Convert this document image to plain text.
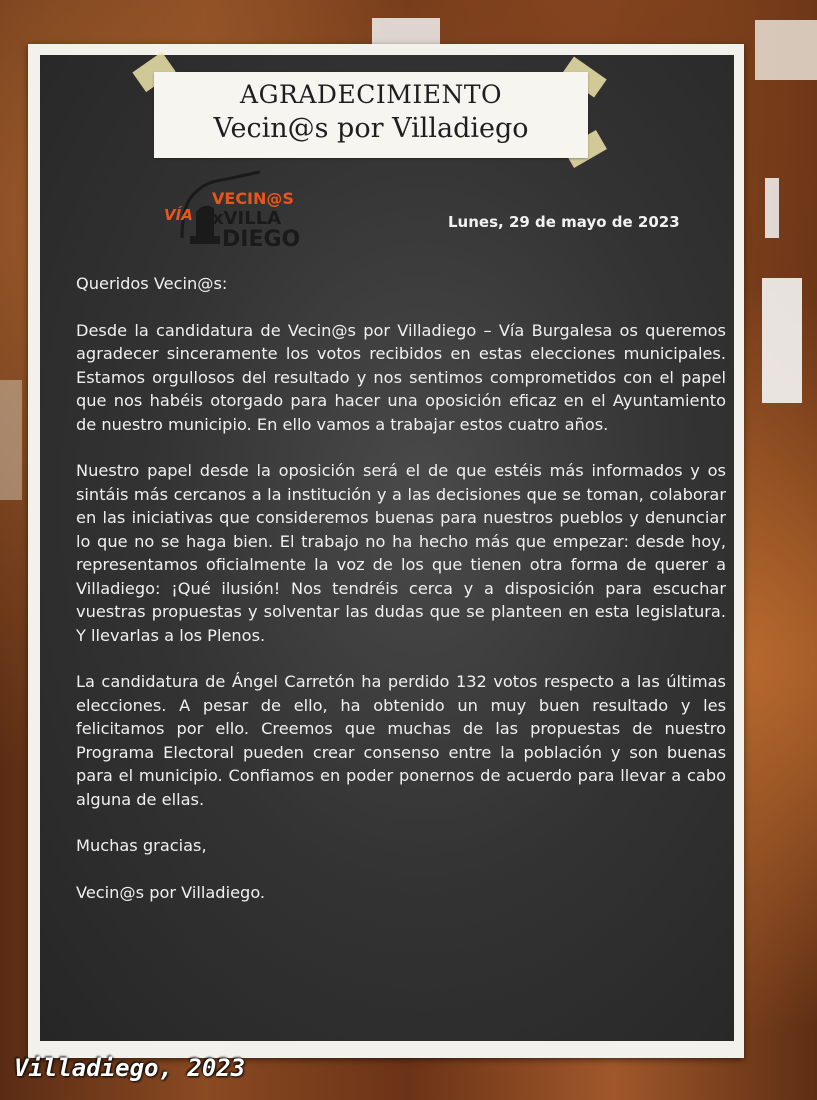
AGRADECIMIENTO
Vecin@s por Villadiego
VÍA
VECIN@S
xVILLA
DIEGO
Lunes, 29 de mayo de 2023

Queridos Vecin@s:

Desde la candidatura de Vecin@s por Villadiego – Vía Burgalesa os queremos agradecer sinceramente los votos recibidos en estas elecciones municipales. Estamos orgullosos del resultado y nos sentimos comprometidos con el papel que nos habéis otorgado para hacer una oposición eficaz en el Ayuntamiento de nuestro municipio. En ello vamos a trabajar estos cuatro años.

Nuestro papel desde la oposición será el de que estéis más informados y os sintáis más cercanos a la institución y a las decisiones que se toman, colaborar en las iniciativas que consideremos buenas para nuestros pueblos y denunciar lo que no se haga bien. El trabajo no ha hecho más que empezar: desde hoy, representamos oficialmente la voz de los que tienen otra forma de querer a Villadiego: ¡Qué ilusión! Nos tendréis cerca y a disposición para escuchar vuestras propuestas y solventar las dudas que se planteen en esta legislatura. Y llevarlas a los Plenos.

La candidatura de Ángel Carretón ha perdido 132 votos respecto a las últimas elecciones. A pesar de ello, ha obtenido un muy buen resultado y les felicitamos por ello. Creemos que muchas de las propuestas de nuestro Programa Electoral pueden crear consenso entre la población y son buenas para el municipio. Confiamos en poder ponernos de acuerdo para llevar a cabo alguna de ellas.

Muchas gracias,

Vecin@s por Villadiego.

Villadiego, 2023
